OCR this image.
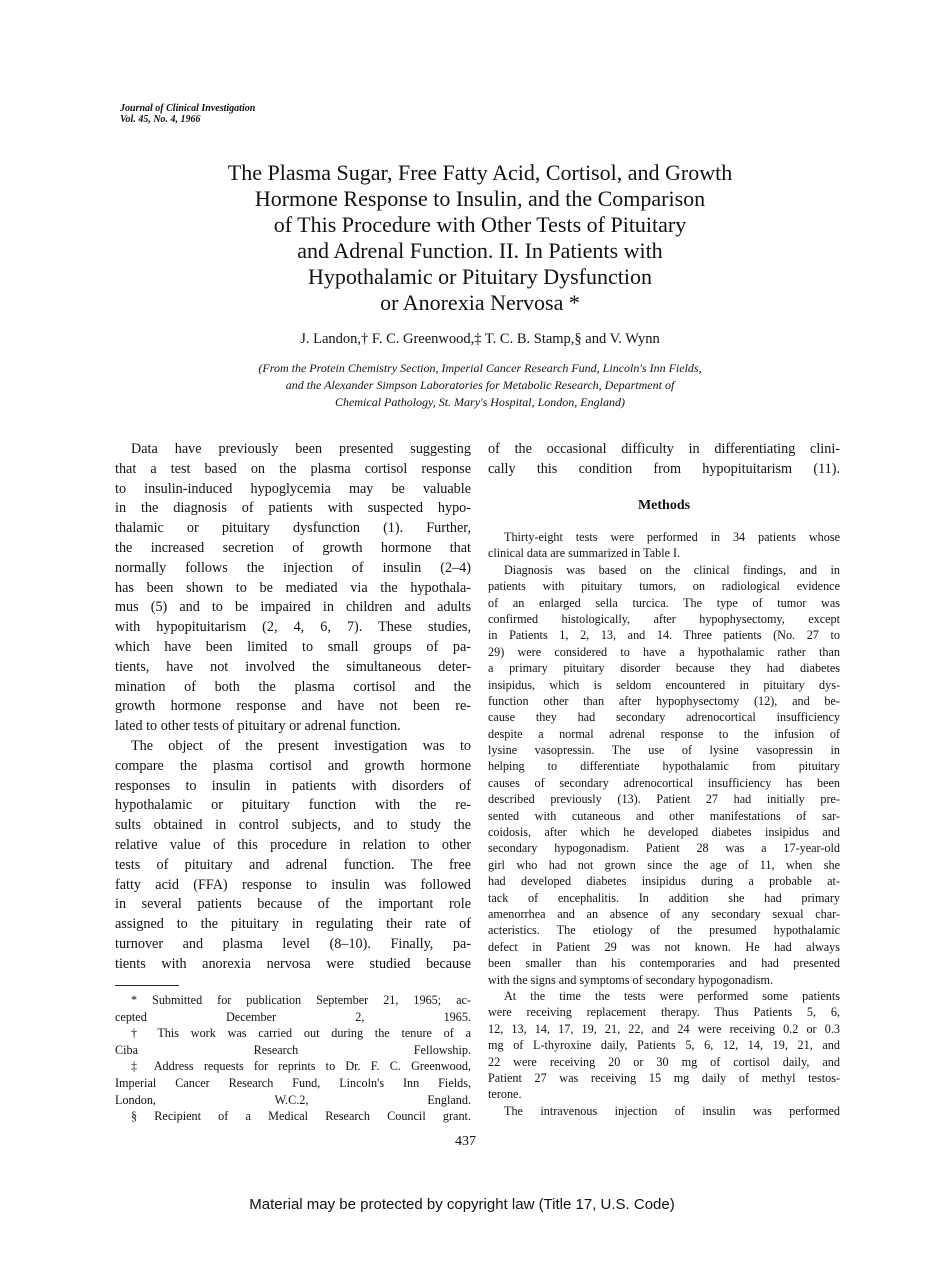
Journal of Clinical Investigation
Vol. 45, No. 4, 1966
The Plasma Sugar, Free Fatty Acid, Cortisol, and Growth
Hormone Response to Insulin, and the Comparison
of This Procedure with Other Tests of Pituitary
and Adrenal Function. II. In Patients with
Hypothalamic or Pituitary Dysfunction
or Anorexia Nervosa *
J. Landon,† F. C. Greenwood,‡ T. C. B. Stamp,§ and V. Wynn
(From the Protein Chemistry Section, Imperial Cancer Research Fund, Lincoln's Inn Fields,
and the Alexander Simpson Laboratories for Metabolic Research, Department of
Chemical Pathology, St. Mary's Hospital, London, England)
Data have previously been presented suggesting
that a test based on the plasma cortisol response
to insulin-induced hypoglycemia may be valuable
in the diagnosis of patients with suspected hypo-
thalamic or pituitary dysfunction (1). Further,
the increased secretion of growth hormone that
normally follows the injection of insulin (2–4)
has been shown to be mediated via the hypothala-
mus (5) and to be impaired in children and adults
with hypopituitarism (2, 4, 6, 7). These studies,
which have been limited to small groups of pa-
tients, have not involved the simultaneous deter-
mination of both the plasma cortisol and the
growth hormone response and have not been re-
lated to other tests of pituitary or adrenal function.
The object of the present investigation was to
compare the plasma cortisol and growth hormone
responses to insulin in patients with disorders of
hypothalamic or pituitary function with the re-
sults obtained in control subjects, and to study the
relative value of this procedure in relation to other
tests of pituitary and adrenal function. The free
fatty acid (FFA) response to insulin was followed
in several patients because of the important role
assigned to the pituitary in regulating their rate of
turnover and plasma level (8–10). Finally, pa-
tients with anorexia nervosa were studied because
* Submitted for publication September 21, 1965; ac-
cepted December 2, 1965.
† This work was carried out during the tenure of a
Ciba Research Fellowship.
‡ Address requests for reprints to Dr. F. C. Greenwood,
Imperial Cancer Research Fund, Lincoln's Inn Fields,
London, W.C.2, England.
§ Recipient of a Medical Research Council grant.
of the occasional difficulty in differentiating clini-
cally this condition from hypopituitarism (11).
Methods
Thirty-eight tests were performed in 34 patients whose
clinical data are summarized in Table I.
Diagnosis was based on the clinical findings, and in
patients with pituitary tumors, on radiological evidence
of an enlarged sella turcica. The type of tumor was
confirmed histologically, after hypophysectomy, except
in Patients 1, 2, 13, and 14. Three patients (No. 27 to
29) were considered to have a hypothalamic rather than
a primary pituitary disorder because they had diabetes
insipidus, which is seldom encountered in pituitary dys-
function other than after hypophysectomy (12), and be-
cause they had secondary adrenocortical insufficiency
despite a normal adrenal response to the infusion of
lysine vasopressin. The use of lysine vasopressin in
helping to differentiate hypothalamic from pituitary
causes of secondary adrenocortical insufficiency has been
described previously (13). Patient 27 had initially pre-
sented with cutaneous and other manifestations of sar-
coidosis, after which he developed diabetes insipidus and
secondary hypogonadism. Patient 28 was a 17-year-old
girl who had not grown since the age of 11, when she
had developed diabetes insipidus during a probable at-
tack of encephalitis. In addition she had primary
amenorrhea and an absence of any secondary sexual char-
acteristics. The etiology of the presumed hypothalamic
defect in Patient 29 was not known. He had always
been smaller than his contemporaries and had presented
with the signs and symptoms of secondary hypogonadism.
At the time the tests were performed some patients
were receiving replacement therapy. Thus Patients 5, 6,
12, 13, 14, 17, 19, 21, 22, and 24 were receiving 0.2 or 0.3
mg of L-thyroxine daily, Patients 5, 6, 12, 14, 19, 21, and
22 were receiving 20 or 30 mg of cortisol daily, and
Patient 27 was receiving 15 mg daily of methyl testos-
terone.
The intravenous injection of insulin was performed
437
Material may be protected by copyright law (Title 17, U.S. Code)
